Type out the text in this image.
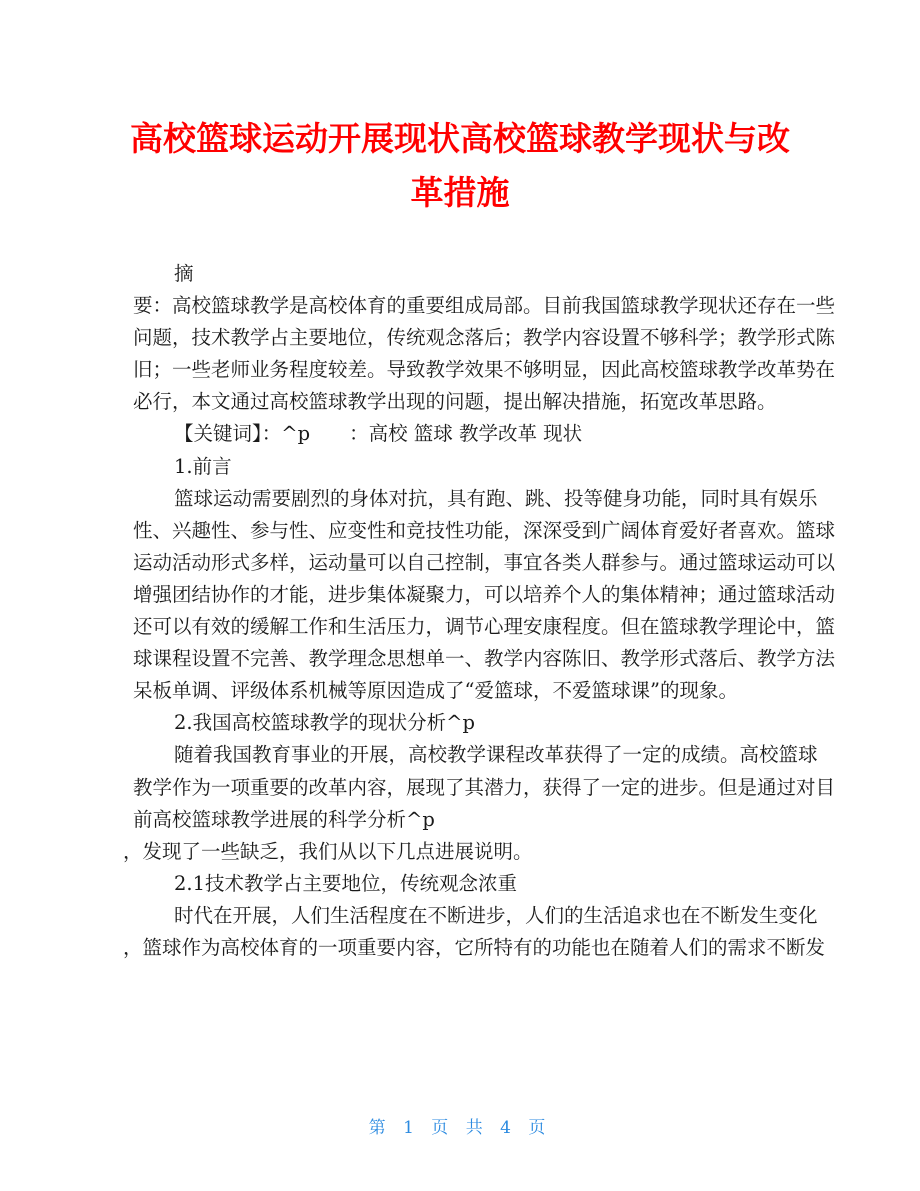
高校篮球运动开展现状高校篮球教学现状与改
革措施
摘
要：高校篮球教学是高校体育的重要组成局部。目前我国篮球教学现状还存在一些
问题，技术教学占主要地位，传统观念落后；教学内容设置不够科学；教学形式陈
旧；一些老师业务程度较差。导致教学效果不够明显，因此高校篮球教学改革势在
必行，本文通过高校篮球教学出现的问题，提出解决措施，拓宽改革思路。
【关键词】：^p　　：高校 篮球 教学改革 现状
1.前言
篮球运动需要剧烈的身体对抗，具有跑、跳、投等健身功能，同时具有娱乐
性、兴趣性、参与性、应变性和竞技性功能，深深受到广阔体育爱好者喜欢。篮球
运动活动形式多样，运动量可以自己控制，事宜各类人群参与。通过篮球运动可以
增强团结协作的才能，进步集体凝聚力，可以培养个人的集体精神；通过篮球活动
还可以有效的缓解工作和生活压力，调节心理安康程度。但在篮球教学理论中，篮
球课程设置不完善、教学理念思想单一、教学内容陈旧、教学形式落后、教学方法
呆板单调、评级体系机械等原因造成了“爱篮球，不爱篮球课”的现象。
2.我国高校篮球教学的现状分析^p
随着我国教育事业的开展，高校教学课程改革获得了一定的成绩。高校篮球
教学作为一项重要的改革内容，展现了其潜力，获得了一定的进步。但是通过对目
前高校篮球教学进展的科学分析^p
，发现了一些缺乏，我们从以下几点进展说明。
2.1技术教学占主要地位，传统观念浓重
时代在开展，人们生活程度在不断进步，人们的生活追求也在不断发生变化
，篮球作为高校体育的一项重要内容，它所特有的功能也在随着人们的需求不断发
第 1 页 共 4 页
